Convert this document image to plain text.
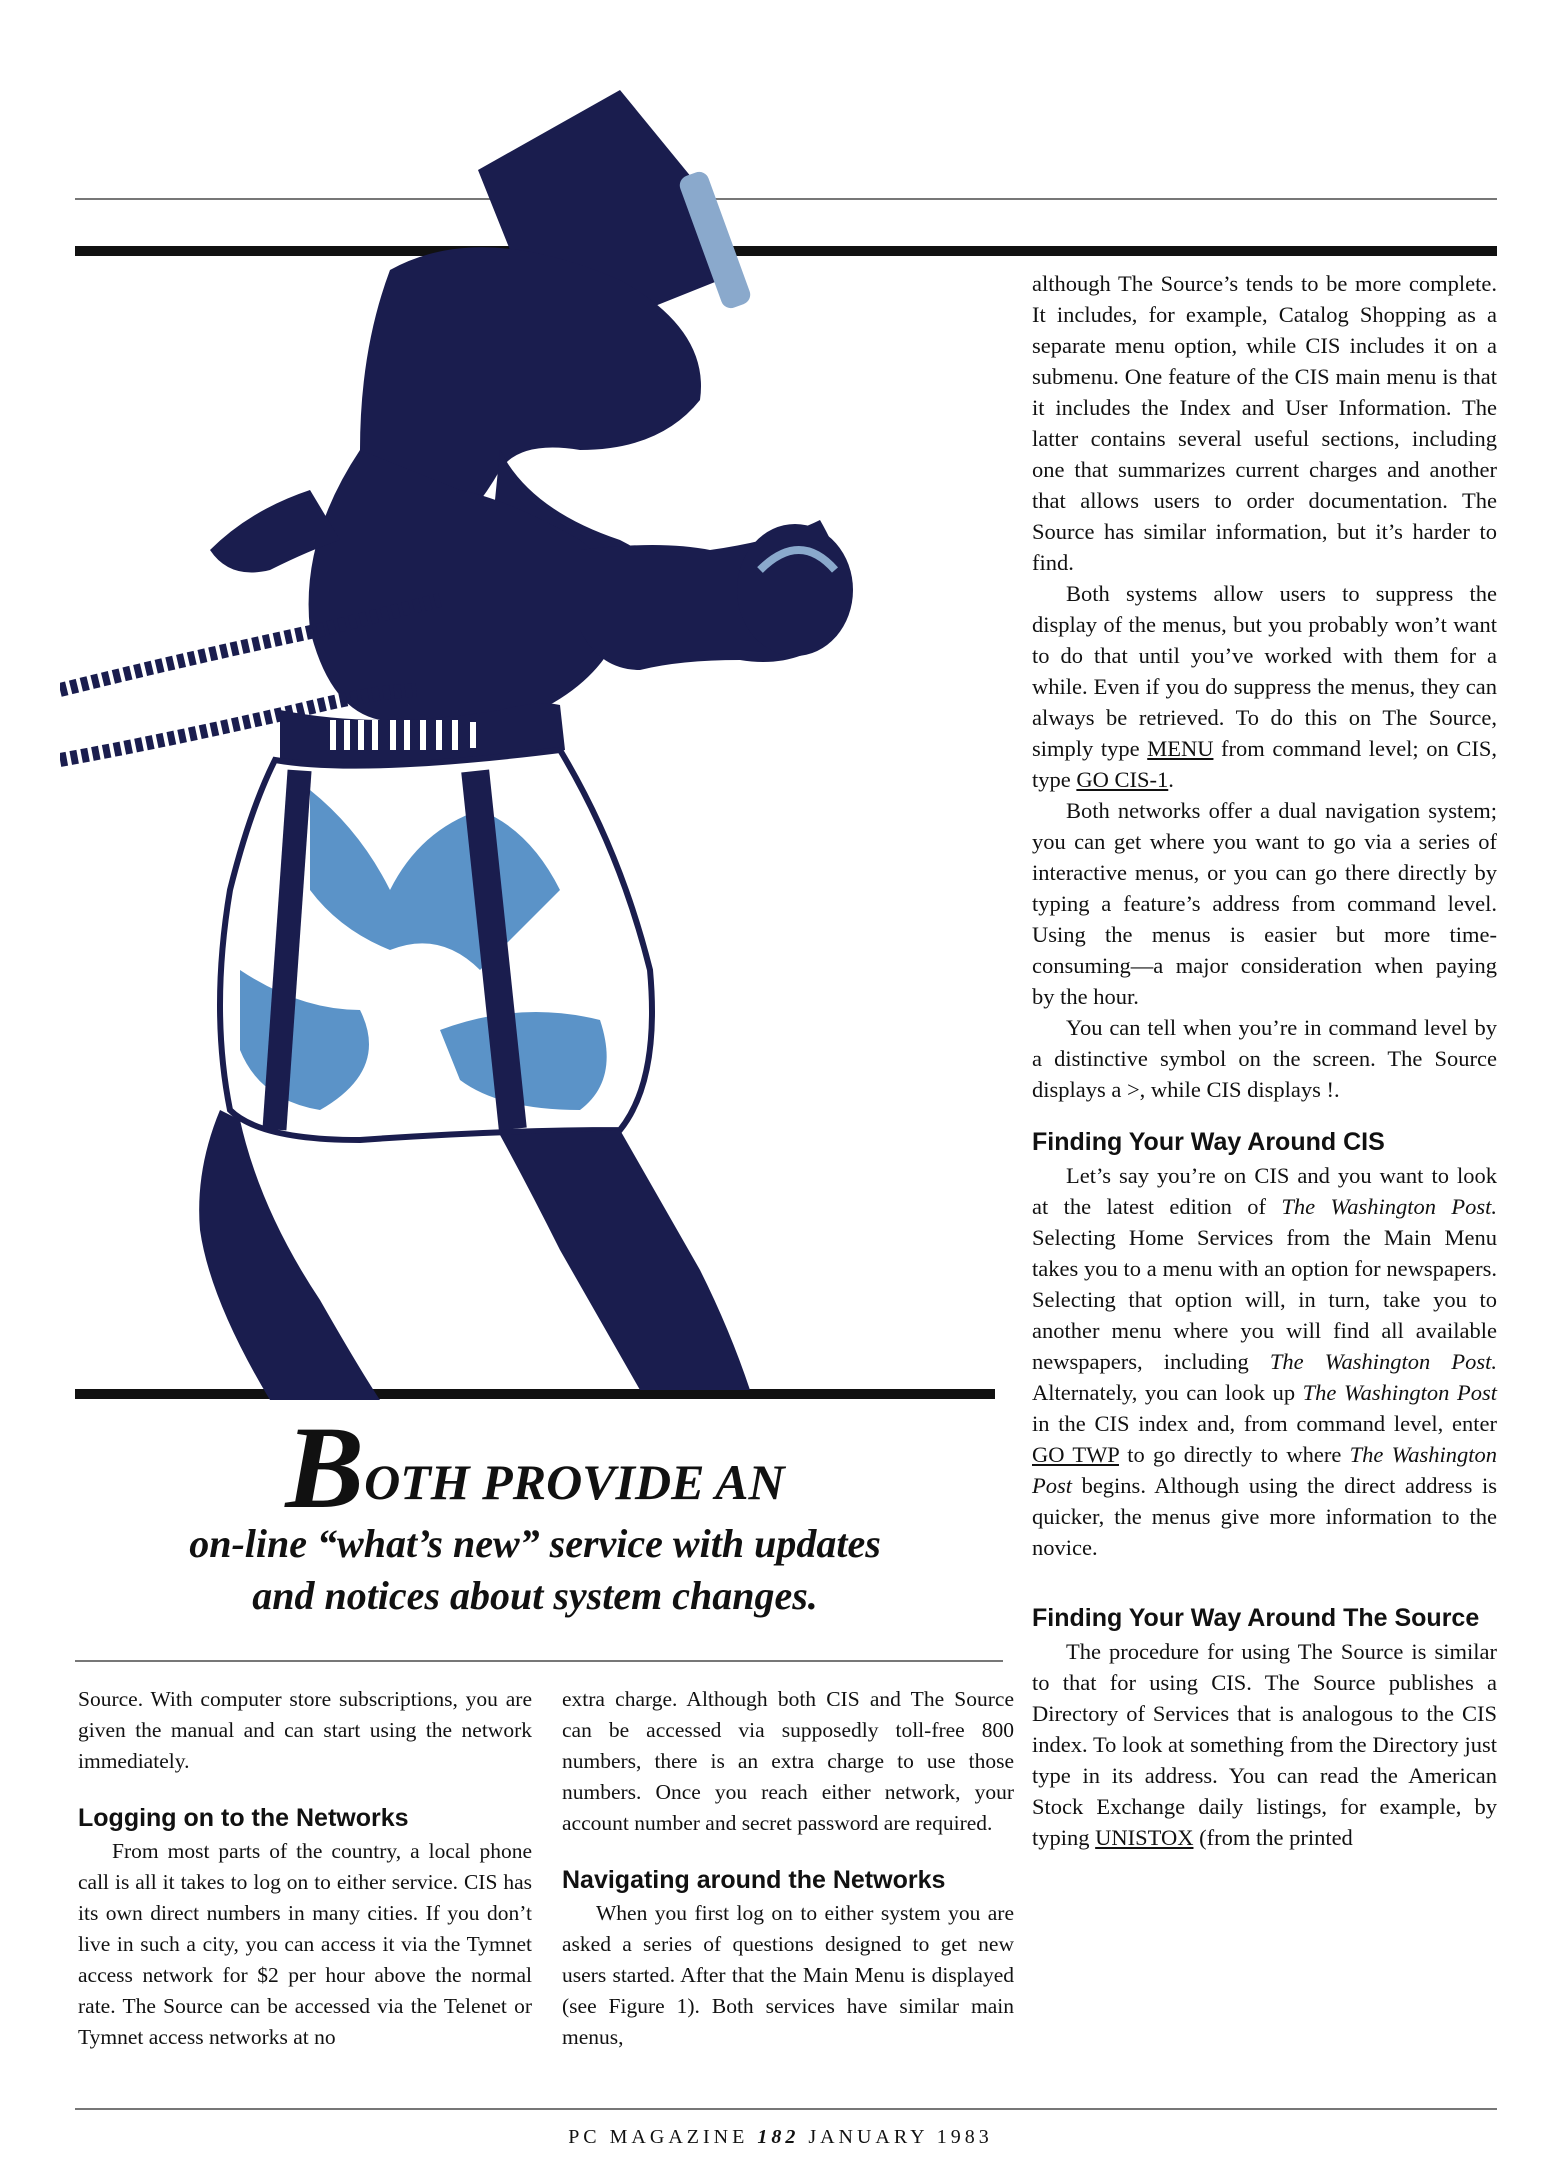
although The Source’s tends to be more complete. It includes, for example, Catalog Shopping as a separate menu option, while CIS includes it on a submenu. One feature of the CIS main menu is that it includes the Index and User Information. The latter contains several useful sections, including one that summarizes current charges and another that allows users to order documentation. The Source has similar information, but it’s harder to find.

Both systems allow users to suppress the display of the menus, but you probably won’t want to do that until you’ve worked with them for a while. Even if you do suppress the menus, they can always be retrieved. To do this on The Source, simply type MENU from command level; on CIS, type GO CIS-1.

Both networks offer a dual navigation system; you can get where you want to go via a series of interactive menus, or you can go there directly by typing a feature’s address from command level. Using the menus is easier but more time-consuming—a major consideration when paying by the hour.

You can tell when you’re in command level by a distinctive symbol on the screen. The Source displays a >, while CIS displays !.

Finding Your Way Around CIS

Let’s say you’re on CIS and you want to look at the latest edition of The Washington Post. Selecting Home Services from the Main Menu takes you to a menu with an option for newspapers. Selecting that option will, in turn, take you to another menu where you will find all available newspapers, including The Washington Post. Alternately, you can look up The Washington Post in the CIS index and, from command level, enter GO TWP to go directly to where The Washington Post begins. Although using the direct address is quicker, the menus give more information to the novice.

Finding Your Way Around The Source

The procedure for using The Source is similar to that for using CIS. The Source publishes a Directory of Services that is analogous to the CIS index. To look at something from the Directory just type in its address. You can read the American Stock Exchange daily listings, for example, by typing UNISTOX (from the printed

BOTH PROVIDE AN
on-line “what’s new” service with updates
and notices about system changes.

Source. With computer store subscriptions, you are given the manual and can start using the network immediately.

Logging on to the Networks

From most parts of the country, a local phone call is all it takes to log on to either service. CIS has its own direct numbers in many cities. If you don’t live in such a city, you can access it via the Tymnet access network for $2 per hour above the normal rate. The Source can be accessed via the Telenet or Tymnet access networks at no

extra charge. Although both CIS and The Source can be accessed via supposedly toll-free 800 numbers, there is an extra charge to use those numbers. Once you reach either network, your account number and secret password are required.

Navigating around the Networks

When you first log on to either system you are asked a series of questions designed to get new users started. After that the Main Menu is displayed (see Figure 1). Both services have similar main menus,

PC MAGAZINE 182 JANUARY 1983
